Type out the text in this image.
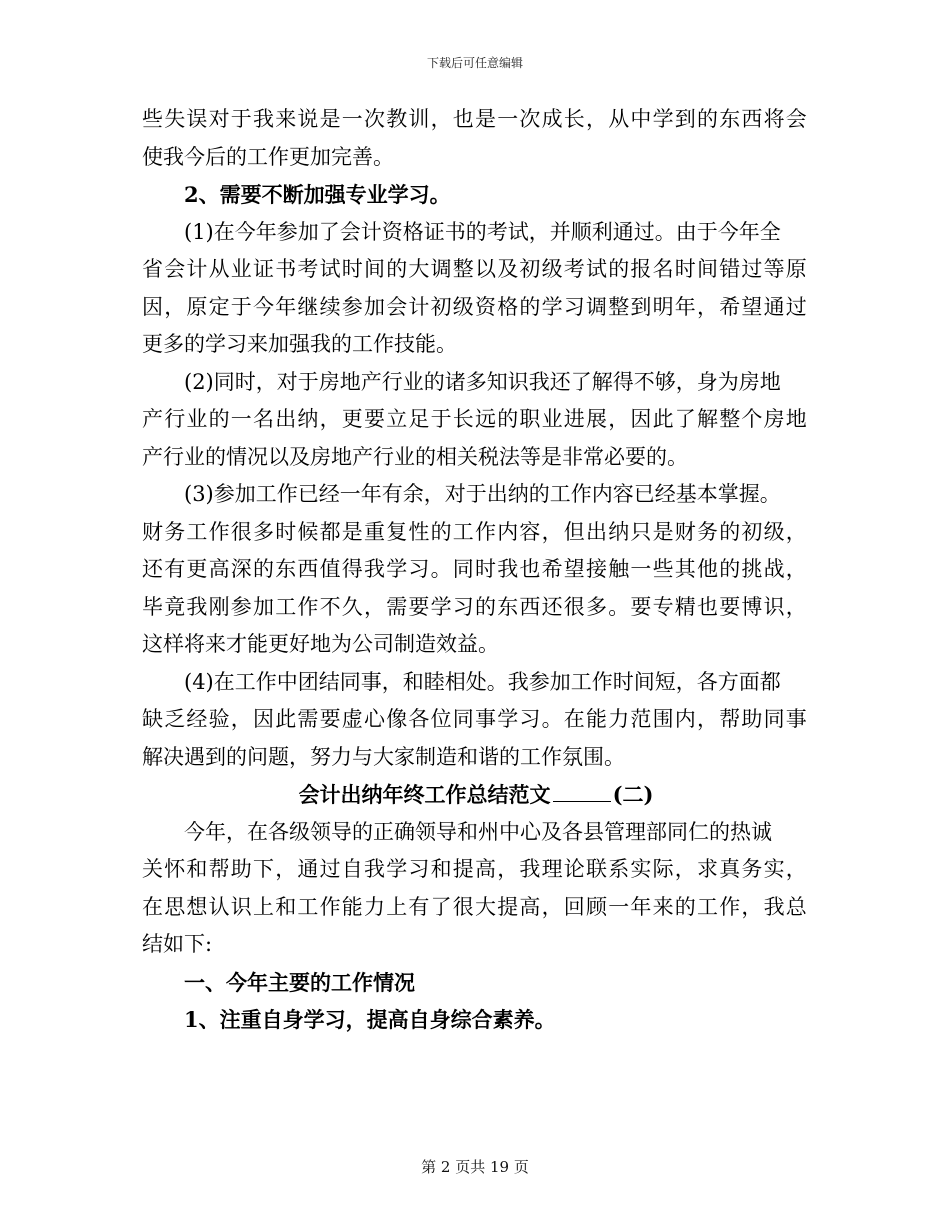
下载后可任意编辑
些失误对于我来说是一次教训，也是一次成长，从中学到的东西将会
使我今后的工作更加完善。
2、需要不断加强专业学习。
(1)在今年参加了会计资格证书的考试，并顺利通过。由于今年全
省会计从业证书考试时间的大调整以及初级考试的报名时间错过等原
因，原定于今年继续参加会计初级资格的学习调整到明年，希望通过
更多的学习来加强我的工作技能。
(2)同时，对于房地产行业的诸多知识我还了解得不够，身为房地
产行业的一名出纳，更要立足于长远的职业进展，因此了解整个房地
产行业的情况以及房地产行业的相关税法等是非常必要的。
(3)参加工作已经一年有余，对于出纳的工作内容已经基本掌握。
财务工作很多时候都是重复性的工作内容，但出纳只是财务的初级，
还有更高深的东西值得我学习。同时我也希望接触一些其他的挑战，
毕竟我刚参加工作不久，需要学习的东西还很多。要专精也要博识，
这样将来才能更好地为公司制造效益。
(4)在工作中团结同事，和睦相处。我参加工作时间短，各方面都
缺乏经验，因此需要虚心像各位同事学习。在能力范围内，帮助同事
解决遇到的问题，努力与大家制造和谐的工作氛围。
会计出纳年终工作总结范文	(二)
今年，在各级领导的正确领导和州中心及各县管理部同仁的热诚
关怀和帮助下，通过自我学习和提高，我理论联系实际，求真务实，
在思想认识上和工作能力上有了很大提高，回顾一年来的工作，我总
结如下:
一、今年主要的工作情况
1、注重自身学习，提高自身综合素养。
第 2 页共 19 页
